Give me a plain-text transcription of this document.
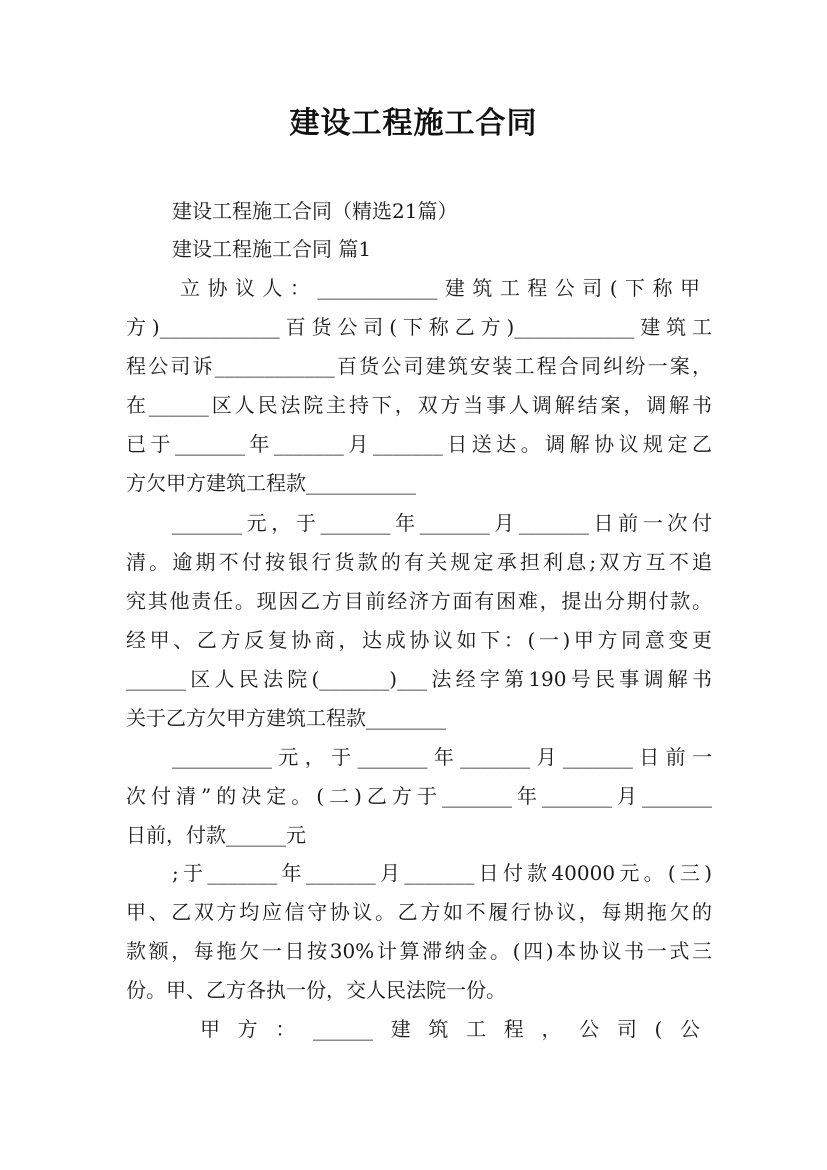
建设工程施工合同
建设工程施工合同（精选21篇）
建设工程施工合同 篇1
立协议人：____________建筑工程公司(下称甲
方)____________百货公司(下称乙方)____________建筑工
程公司诉____________百货公司建筑安装工程合同纠纷一案，
在______区人民法院主持下，双方当事人调解结案，调解书
已于_______年_______月_______日送达。调解协议规定乙
方欠甲方建筑工程款___________
_______元，于_______年_______月_______日前一次付
清。逾期不付按银行货款的有关规定承担利息;双方互不追
究其他责任。现因乙方目前经济方面有困难，提出分期付款。
经甲、乙方反复协商，达成协议如下：(一)甲方同意变更
______区人民法院(_______)___法经字第190号民事调解书
关于乙方欠甲方建筑工程款________
__________元，于_______年_______月_______日前一
次付清”的决定。(二)乙方于_______年_______月_______
日前，付款______元
;于_______年_______月_______日付款40000元。(三)
甲、乙双方均应信守协议。乙方如不履行协议，每期拖欠的
款额，每拖欠一日按30%计算滞纳金。(四)本协议书一式三
份。甲、乙方各执一份，交人民法院一份。
甲方：______建筑工程，公司(公
